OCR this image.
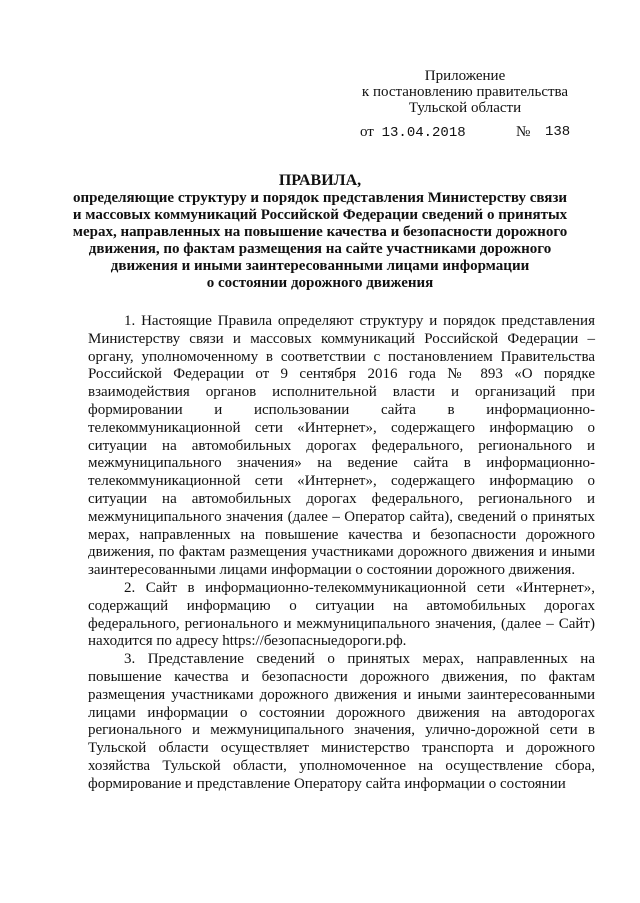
Приложение
к постановлению правительства
Тульской области
от 13.04.2018	№ 138
ПРАВИЛА,
определяющие структуру и порядок представления Министерству связи
и массовых коммуникаций Российской Федерации сведений о принятых
мерах, направленных на повышение качества и безопасности дорожного
движения, по фактам размещения на сайте участниками дорожного
движения и иными заинтересованными лицами информации
о состоянии дорожного движения
1. Настоящие Правила определяют структуру и порядок представления
Министерству связи и массовых коммуникаций Российской Федерации –
органу, уполномоченному в соответствии с постановлением Правительства
Российской Федерации от 9 сентября 2016 года № 893 «О порядке
взаимодействия органов исполнительной власти и организаций при
формировании и использовании сайта в информационно-
телекоммуникационной сети «Интернет», содержащего информацию о
ситуации на автомобильных дорогах федерального, регионального и
межмуниципального значения» на ведение сайта в информационно-
телекоммуникационной сети «Интернет», содержащего информацию о
ситуации на автомобильных дорогах федерального, регионального и
межмуниципального значения (далее – Оператор сайта), сведений о принятых
мерах, направленных на повышение качества и безопасности дорожного
движения, по фактам размещения участниками дорожного движения и иными
заинтересованными лицами информации о состоянии дорожного движения.
2. Сайт в информационно-телекоммуникационной сети «Интернет»,
содержащий информацию о ситуации на автомобильных дорогах
федерального, регионального и межмуниципального значения, (далее – Сайт)
находится по адресу https://безопасныедороги.рф.
3. Представление сведений о принятых мерах, направленных на
повышение качества и безопасности дорожного движения, по фактам
размещения участниками дорожного движения и иными заинтересованными
лицами информации о состоянии дорожного движения на автодорогах
регионального и межмуниципального значения, улично-дорожной сети в
Тульской области осуществляет министерство транспорта и дорожного
хозяйства Тульской области, уполномоченное на осуществление сбора,
формирование и представление Оператору сайта информации о состоянии
